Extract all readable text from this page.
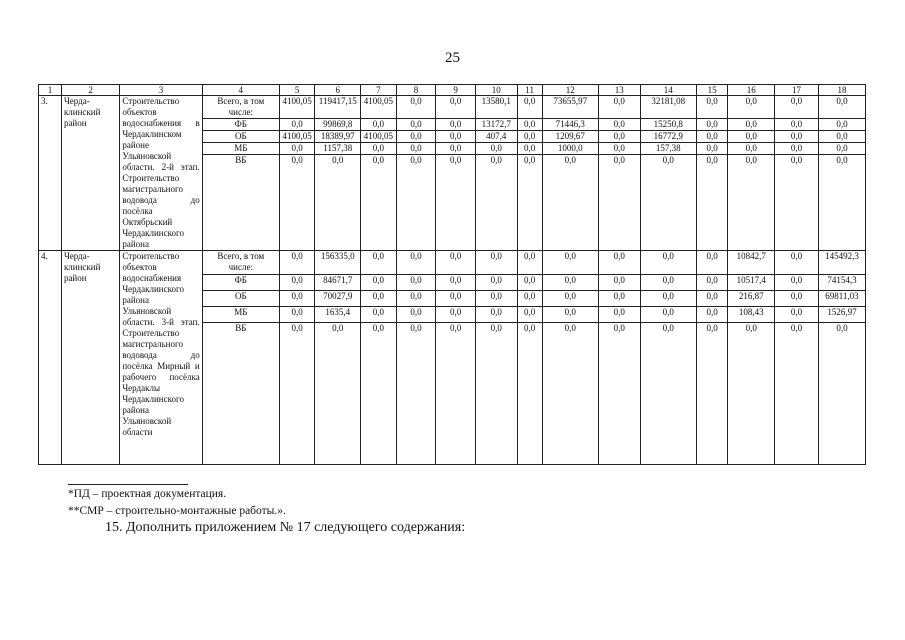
25
1	2	3	4	5	6	7	8	9	10	11	12	13	14	15	16	17	18
3.	Черда-клинский район	Строительство объектов водоснабжения в Чердаклинском районе Ульяновской области. 2-й этап. Строительство магистрального водовода до посёлка Октябрьский Чердаклинского района	Всего, в том числе:	4100,05	119417,15	4100,05	0,0	0,0	13580,1	0,0	73655,97	0,0	32181,08	0,0	0,0	0,0	0,0
			ФБ	0,0	99869,8	0,0	0,0	0,0	13172,7	0,0	71446,3	0,0	15250,8	0,0	0,0	0,0	0,0
			ОБ	4100,05	18389,97	4100,05	0,0	0,0	407,4	0,0	1209,67	0,0	16772,9	0,0	0,0	0,0	0,0
			МБ	0,0	1157,38	0,0	0,0	0,0	0,0	0,0	1000,0	0,0	157,38	0,0	0,0	0,0	0,0
			ВБ	0,0	0,0	0,0	0,0	0,0	0,0	0,0	0,0	0,0	0,0	0,0	0,0	0,0	0,0
4.	Черда-клинский район	Строительство объектов водоснабжения Чердаклинского района Ульяновской области. 3-й этап. Строительство магистрального водовода до посёлка Мирный и рабочего посёлка Чердаклы Чердаклинского района Ульяновской области	Всего, в том числе:	0,0	156335,0	0,0	0,0	0,0	0,0	0,0	0,0	0,0	0,0	0,0	10842,7	0,0	145492,3
			ФБ	0,0	84671,7	0,0	0,0	0,0	0,0	0,0	0,0	0,0	0,0	0,0	10517,4	0,0	74154,3
			ОБ	0,0	70027,9	0,0	0,0	0,0	0,0	0,0	0,0	0,0	0,0	0,0	216,87	0,0	69811,03
			МБ	0,0	1635,4	0,0	0,0	0,0	0,0	0,0	0,0	0,0	0,0	0,0	108,43	0,0	1526,97
			ВБ	0,0	0,0	0,0	0,0	0,0	0,0	0,0	0,0	0,0	0,0	0,0	0,0	0,0	0,0
*ПД – проектная документация.
**СМР – строительно-монтажные работы.».
15. Дополнить приложением № 17 следующего содержания:
